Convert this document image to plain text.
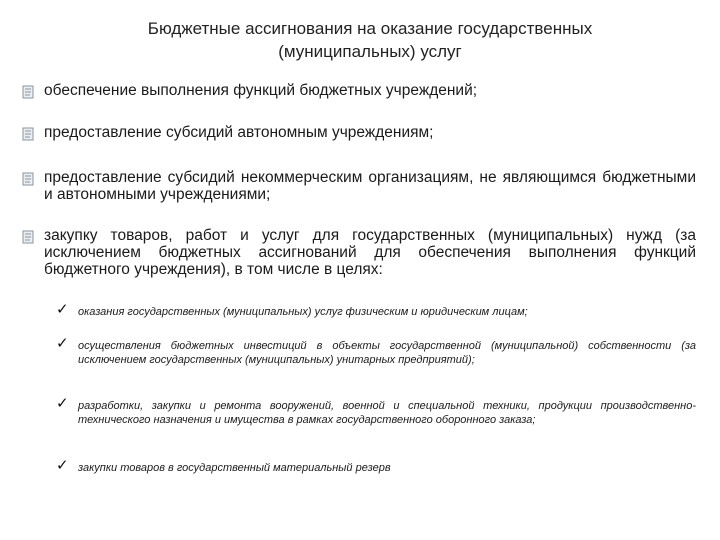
Бюджетные ассигнования на оказание государственных
(муниципальных) услуг
обеспечение выполнения функций бюджетных учреждений;
предоставление субсидий автономным учреждениям;
предоставление субсидий некоммерческим организациям, не являющимся бюджетными и автономными учреждениями;
закупку товаров, работ и услуг для государственных (муниципальных) нужд (за исключением бюджетных ассигнований для обеспечения выполнения функций бюджетного учреждения), в том числе в целях:
✓ оказания государственных (муниципальных) услуг физическим и юридическим лицам;
✓ осуществления бюджетных инвестиций в объекты государственной (муниципальной) собственности (за исключением государственных (муниципальных) унитарных предприятий);
✓ разработки, закупки и ремонта вооружений, военной и специальной техники, продукции производственно-технического назначения и имущества в рамках государственного оборонного заказа;
✓ закупки товаров в государственный материальный резерв
